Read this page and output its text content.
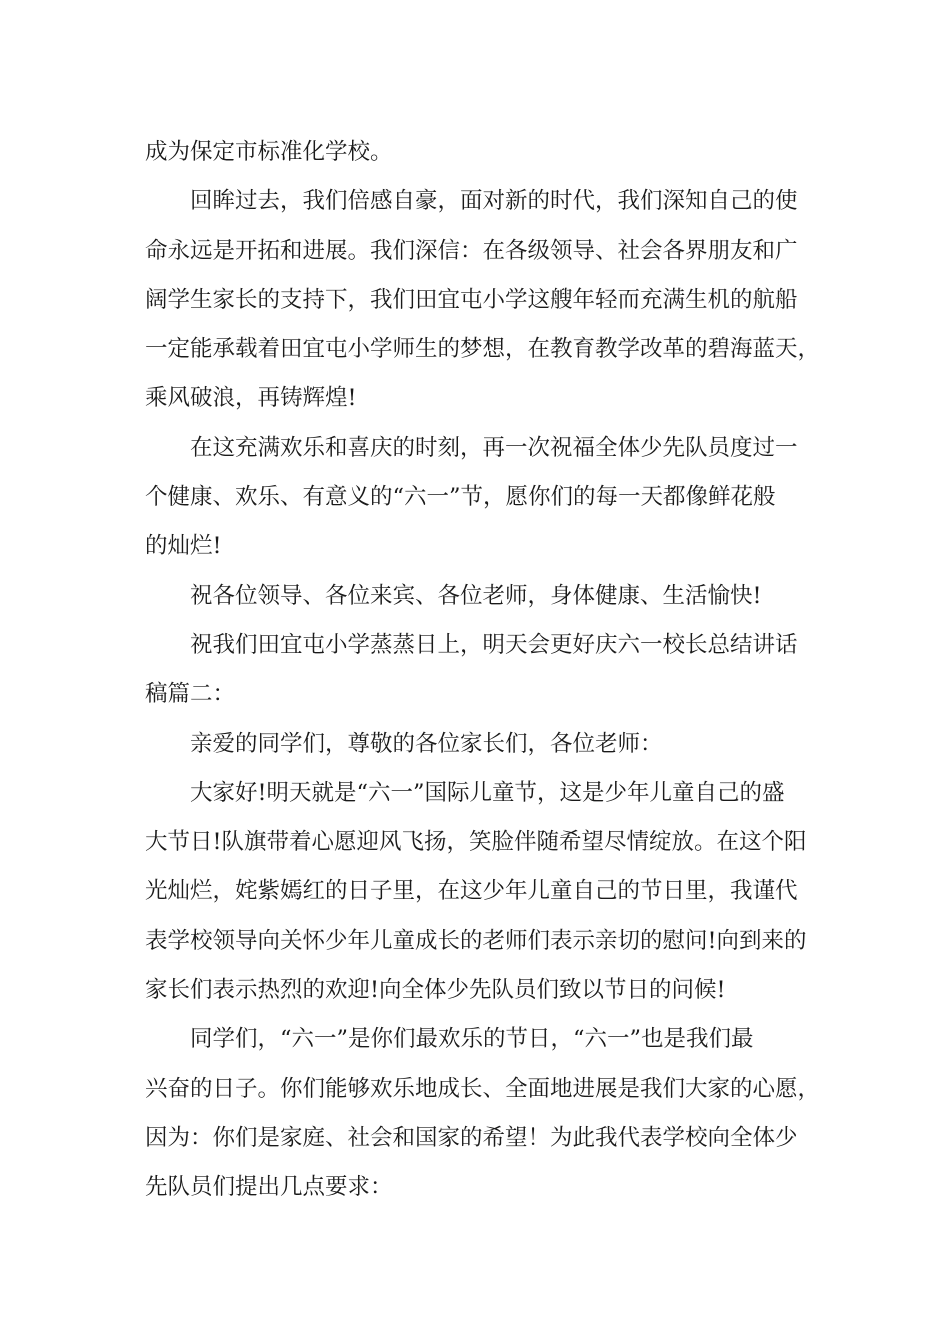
成为保定市标准化学校。
回眸过去，我们倍感自豪，面对新的时代，我们深知自己的使
命永远是开拓和进展。我们深信：在各级领导、社会各界朋友和广
阔学生家长的支持下，我们田宜屯小学这艘年轻而充满生机的航船
一定能承载着田宜屯小学师生的梦想，在教育教学改革的碧海蓝天，
乘风破浪，再铸辉煌!
在这充满欢乐和喜庆的时刻，再一次祝福全体少先队员度过一
个健康、欢乐、有意义的“六一”节，愿你们的每一天都像鲜花般
的灿烂!
祝各位领导、各位来宾、各位老师，身体健康、生活愉快!
祝我们田宜屯小学蒸蒸日上，明天会更好庆六一校长总结讲话
稿篇二：
亲爱的同学们，尊敬的各位家长们，各位老师：
大家好!明天就是“六一”国际儿童节，这是少年儿童自己的盛
大节日!队旗带着心愿迎风飞扬，笑脸伴随希望尽情绽放。在这个阳
光灿烂，姹紫嫣红的日子里，在这少年儿童自己的节日里，我谨代
表学校领导向关怀少年儿童成长的老师们表示亲切的慰问!向到来的
家长们表示热烈的欢迎!向全体少先队员们致以节日的问候!
同学们，“六一”是你们最欢乐的节日，“六一”也是我们最
兴奋的日子。你们能够欢乐地成长、全面地进展是我们大家的心愿，
因为：你们是家庭、社会和国家的希望！为此我代表学校向全体少
先队员们提出几点要求：
